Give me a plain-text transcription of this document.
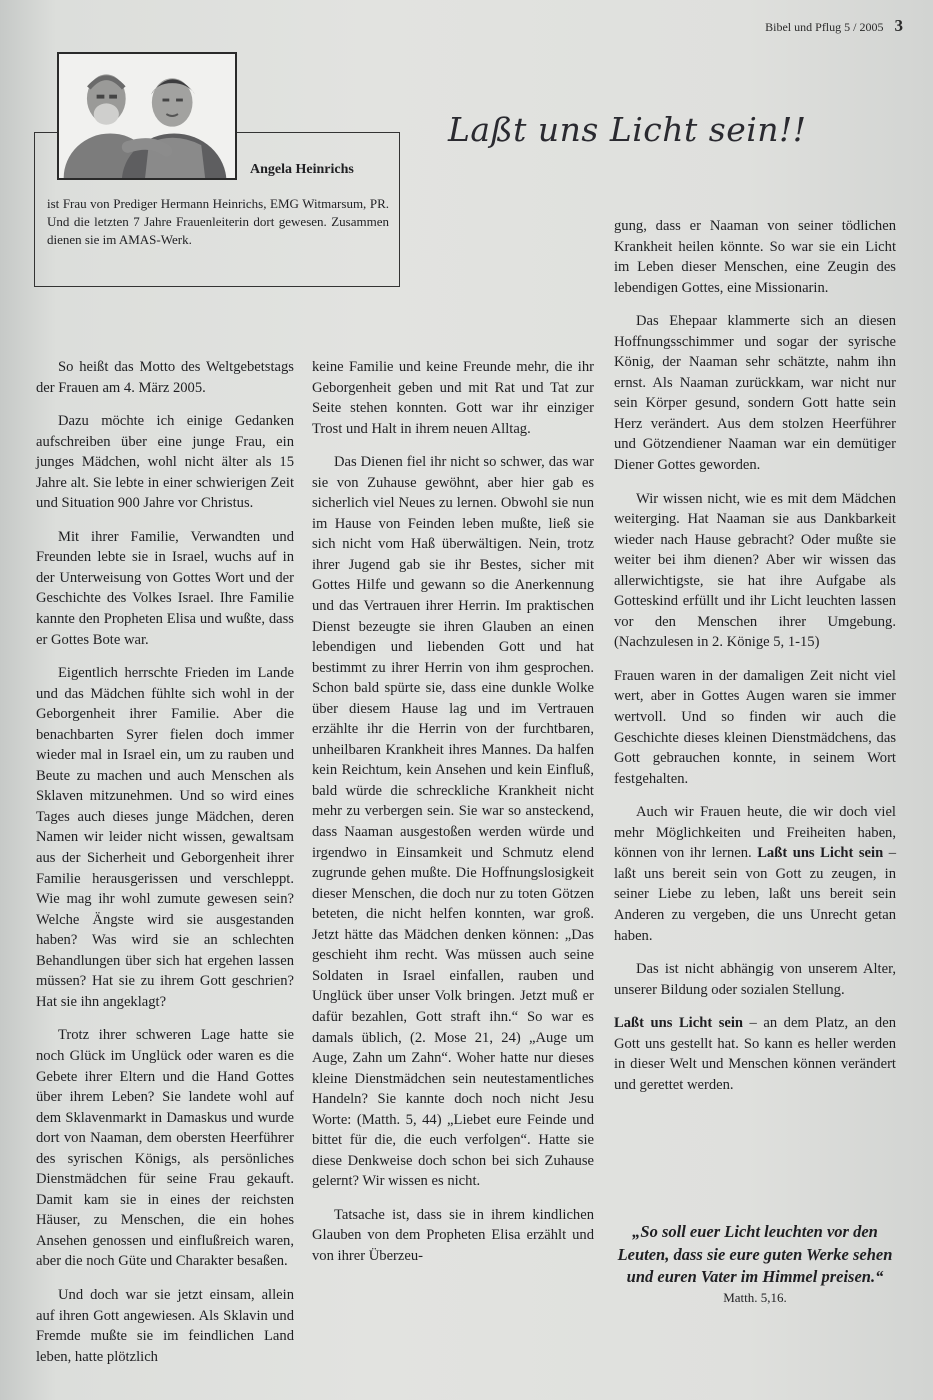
Bibel und Pflug 5 / 2005 3
Angela Heinrichs
ist Frau von Prediger Hermann Heinrichs, EMG Witmarsum, PR. Und die letzten 7 Jahre Frauenleiterin dort gewesen. Zusammen dienen sie im AMAS-Werk.
Laßt uns Licht sein!!

So heißt das Motto des Weltgebetstags der Frauen am 4. März 2005.

Dazu möchte ich einige Gedanken aufschreiben über eine junge Frau, ein junges Mädchen, wohl nicht älter als 15 Jahre alt. Sie lebte in einer schwierigen Zeit und Situation 900 Jahre vor Christus.

Mit ihrer Familie, Verwandten und Freunden lebte sie in Israel, wuchs auf in der Unterweisung von Gottes Wort und der Geschichte des Volkes Israel. Ihre Familie kannte den Propheten Elisa und wußte, dass er Gottes Bote war.

Eigentlich herrschte Frieden im Lande und das Mädchen fühlte sich wohl in der Geborgenheit ihrer Familie. Aber die benachbarten Syrer fielen doch immer wieder mal in Israel ein, um zu rauben und Beute zu machen und auch Menschen als Sklaven mitzunehmen. Und so wird eines Tages auch dieses junge Mädchen, deren Namen wir leider nicht wissen, gewaltsam aus der Sicherheit und Geborgenheit ihrer Familie herausgerissen und verschleppt. Wie mag ihr wohl zumute gewesen sein? Welche Ängste wird sie ausgestanden haben? Was wird sie an schlechten Behandlungen über sich hat ergehen lassen müssen? Hat sie zu ihrem Gott geschrien? Hat sie ihn angeklagt?

Trotz ihrer schweren Lage hatte sie noch Glück im Unglück oder waren es die Gebete ihrer Eltern und die Hand Gottes über ihrem Leben? Sie landete wohl auf dem Sklavenmarkt in Damaskus und wurde dort von Naaman, dem obersten Heerführer des syrischen Königs, als persönliches Dienstmädchen für seine Frau gekauft. Damit kam sie in eines der reichsten Häuser, zu Menschen, die ein hohes Ansehen genossen und einflußreich waren, aber die noch Güte und Charakter besaßen.

Und doch war sie jetzt einsam, allein auf ihren Gott angewiesen. Als Sklavin und Fremde mußte sie im feindlichen Land leben, hatte plötzlich

keine Familie und keine Freunde mehr, die ihr Geborgenheit geben und mit Rat und Tat zur Seite stehen konnten. Gott war ihr einziger Trost und Halt in ihrem neuen Alltag.

Das Dienen fiel ihr nicht so schwer, das war sie von Zuhause gewöhnt, aber hier gab es sicherlich viel Neues zu lernen. Obwohl sie nun im Hause von Feinden leben mußte, ließ sie sich nicht vom Haß überwältigen. Nein, trotz ihrer Jugend gab sie ihr Bestes, sicher mit Gottes Hilfe und gewann so die Anerkennung und das Vertrauen ihrer Herrin. Im praktischen Dienst bezeugte sie ihren Glauben an einen lebendigen und liebenden Gott und hat bestimmt zu ihrer Herrin von ihm gesprochen. Schon bald spürte sie, dass eine dunkle Wolke über diesem Hause lag und im Vertrauen erzählte ihr die Herrin von der furchtbaren, unheilbaren Krankheit ihres Mannes. Da halfen kein Reichtum, kein Ansehen und kein Einfluß, bald würde die schreckliche Krankheit nicht mehr zu verbergen sein. Sie war so ansteckend, dass Naaman ausgestoßen werden würde und irgendwo in Einsamkeit und Schmutz elend zugrunde gehen mußte. Die Hoffnungslosigkeit dieser Menschen, die doch nur zu toten Götzen beteten, die nicht helfen konnten, war groß. Jetzt hätte das Mädchen denken können: „Das geschieht ihm recht. Was müssen auch seine Soldaten in Israel einfallen, rauben und Unglück über unser Volk bringen. Jetzt muß er dafür bezahlen, Gott straft ihn.“ So war es damals üblich, (2. Mose 21, 24) „Auge um Auge, Zahn um Zahn“. Woher hatte nur dieses kleine Dienstmädchen sein neutestamentliches Handeln? Sie kannte doch noch nicht Jesu Worte: (Matth. 5, 44) „Liebet eure Feinde und bittet für die, die euch verfolgen“. Hatte sie diese Denkweise doch schon bei sich Zuhause gelernt? Wir wissen es nicht.

Tatsache ist, dass sie in ihrem kindlichen Glauben von dem Propheten Elisa erzählt und von ihrer Überzeu-

gung, dass er Naaman von seiner tödlichen Krankheit heilen könnte. So war sie ein Licht im Leben dieser Menschen, eine Zeugin des lebendigen Gottes, eine Missionarin.

Das Ehepaar klammerte sich an diesen Hoffnungsschimmer und sogar der syrische König, der Naaman sehr schätzte, nahm ihn ernst. Als Naaman zurückkam, war nicht nur sein Körper gesund, sondern Gott hatte sein Herz verändert. Aus dem stolzen Heerführer und Götzendiener Naaman war ein demütiger Diener Gottes geworden.

Wir wissen nicht, wie es mit dem Mädchen weiterging. Hat Naaman sie aus Dankbarkeit wieder nach Hause gebracht? Oder mußte sie weiter bei ihm dienen? Aber wir wissen das allerwichtigste, sie hat ihre Aufgabe als Gotteskind erfüllt und ihr Licht leuchten lassen vor den Menschen ihrer Umgebung. (Nachzulesen in 2. Könige 5, 1-15)

Frauen waren in der damaligen Zeit nicht viel wert, aber in Gottes Augen waren sie immer wertvoll. Und so finden wir auch die Geschichte dieses kleinen Dienstmädchens, das Gott gebrauchen konnte, in seinem Wort festgehalten.

Auch wir Frauen heute, die wir doch viel mehr Möglichkeiten und Freiheiten haben, können von ihr lernen. Laßt uns Licht sein – laßt uns bereit sein von Gott zu zeugen, in seiner Liebe zu leben, laßt uns bereit sein Anderen zu vergeben, die uns Unrecht getan haben.

Das ist nicht abhängig von unserem Alter, unserer Bildung oder sozialen Stellung.

Laßt uns Licht sein – an dem Platz, an den Gott uns gestellt hat. So kann es heller werden in dieser Welt und Menschen können verändert und gerettet werden.

„So soll euer Licht leuchten vor den Leuten, dass sie eure guten Werke sehen und euren Vater im Himmel preisen.“
Matth. 5,16.
